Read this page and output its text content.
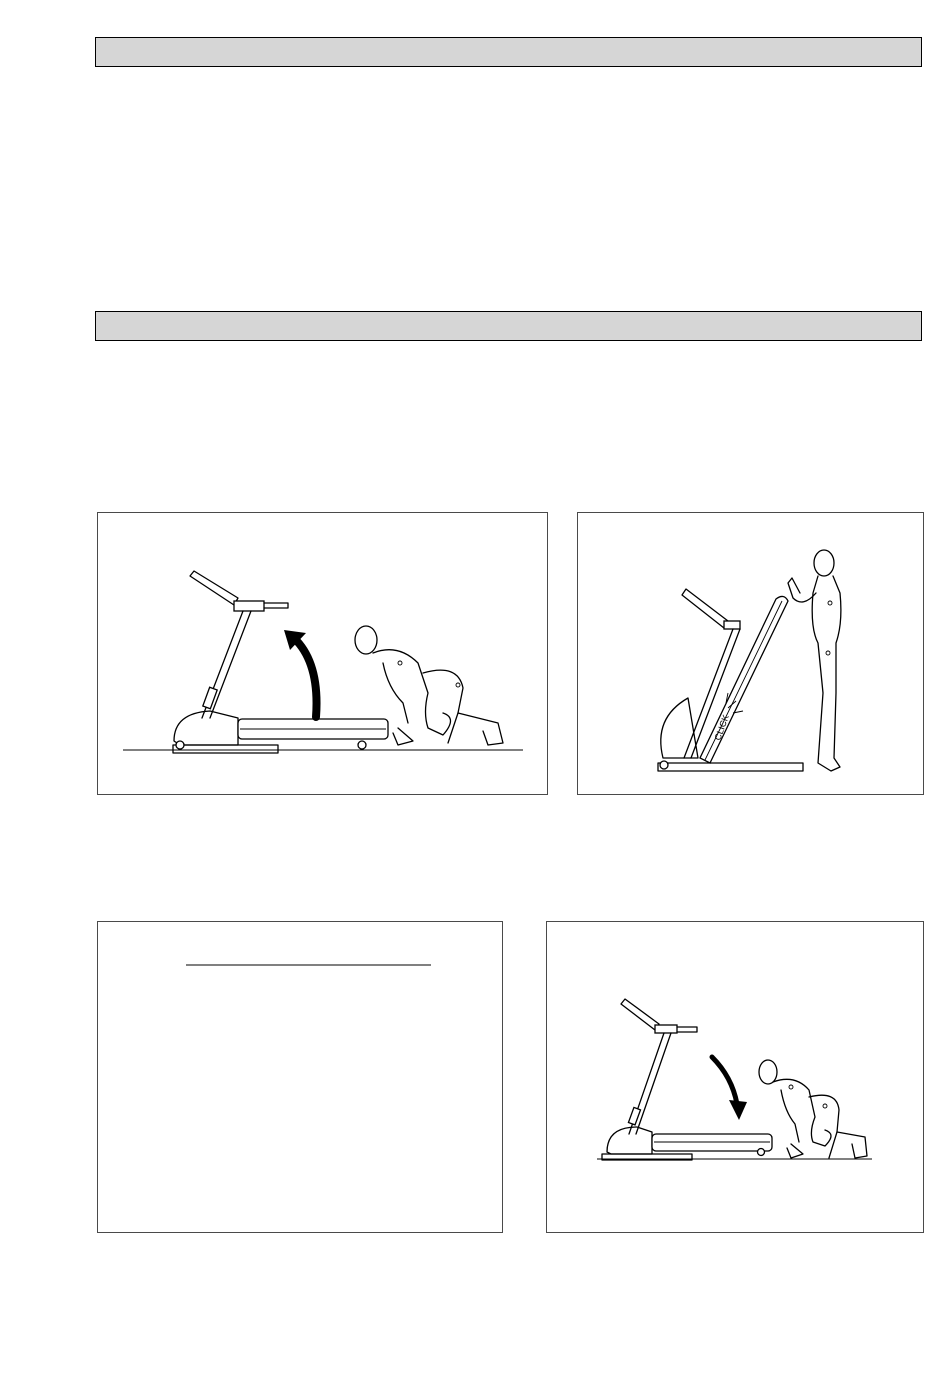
CLICK
